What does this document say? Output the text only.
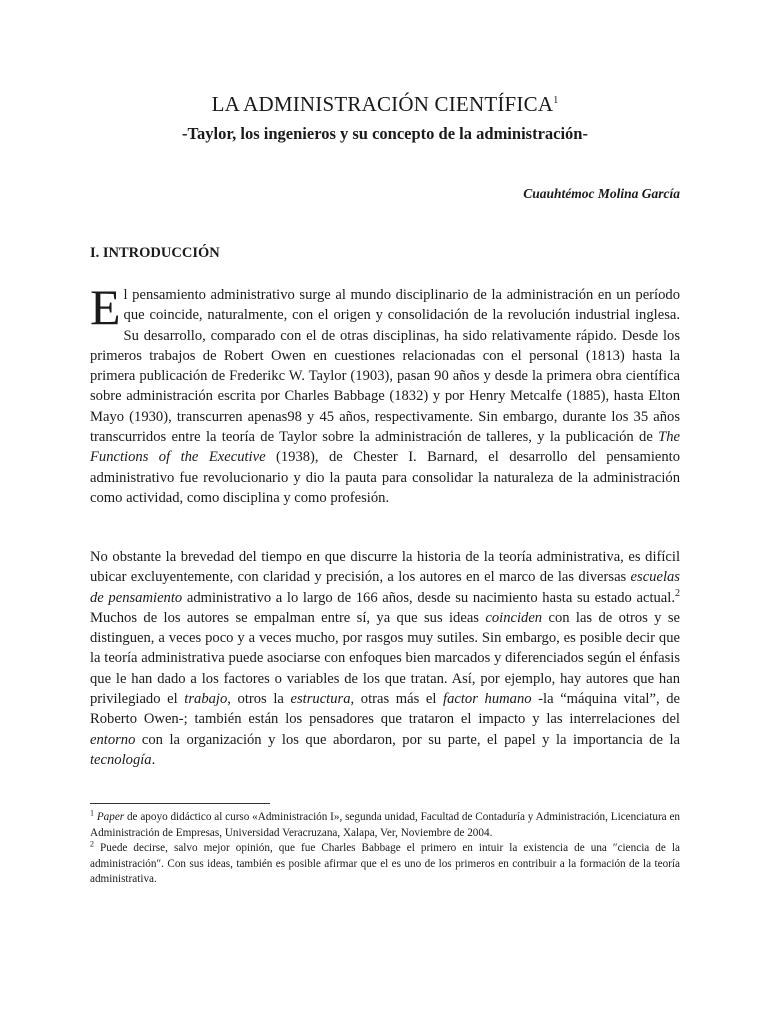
LA ADMINISTRACIÓN CIENTÍFICA$^1$
-Taylor, los ingenieros y su concepto de la administración-
Cuauhtémoc Molina García
I. INTRODUCCIÓN

El pensamiento administrativo surge al mundo disciplinario de la administración en un período que coincide, naturalmente, con el origen y consolidación de la revolución industrial inglesa. Su desarrollo, comparado con el de otras disciplinas, ha sido relativamente rápido. Desde los primeros trabajos de Robert Owen en cuestiones relacionadas con el personal (1813) hasta la primera publicación de Frederikc W. Taylor (1903), pasan 90 años y desde la primera obra científica sobre administración escrita por Charles Babbage (1832) y por Henry Metcalfe (1885), hasta Elton Mayo (1930), transcurren apenas98 y 45 años, respectivamente. Sin embargo, durante los 35 años transcurridos entre la teoría de Taylor sobre la administración de talleres, y la publicación de The Functions of the Executive (1938), de Chester I. Barnard, el desarrollo del pensamiento administrativo fue revolucionario y dio la pauta para consolidar la naturaleza de la administración como actividad, como disciplina y como profesión.

No obstante la brevedad del tiempo en que discurre la historia de la teoría administrativa, es difícil ubicar excluyentemente, con claridad y precisión, a los autores en el marco de las diversas escuelas de pensamiento administrativo a lo largo de 166 años, desde su nacimiento hasta su estado actual.$^2$ Muchos de los autores se empalman entre sí, ya que sus ideas coinciden con las de otros y se distinguen, a veces poco y a veces mucho, por rasgos muy sutiles. Sin embargo, es posible decir que la teoría administrativa puede asociarse con enfoques bien marcados y diferenciados según el énfasis que le han dado a los factores o variables de los que tratan. Así, por ejemplo, hay autores que han privilegiado el trabajo, otros la estructura, otras más el factor humano -la “máquina vital”, de Roberto Owen-; también están los pensadores que trataron el impacto y las interrelaciones del entorno con la organización y los que abordaron, por su parte, el papel y la importancia de la tecnología.

$^1$ Paper de apoyo didáctico al curso «Administración I», segunda unidad, Facultad de Contaduría y Administración, Licenciatura en Administración de Empresas, Universidad Veracruzana, Xalapa, Ver, Noviembre de 2004.

$^2$ Puede decirse, salvo mejor opinión, que fue Charles Babbage el primero en intuir la existencia de una ″ciencia de la administración″. Con sus ideas, también es posible afirmar que el es uno de los primeros en contribuir a la formación de la teoría administrativa.
